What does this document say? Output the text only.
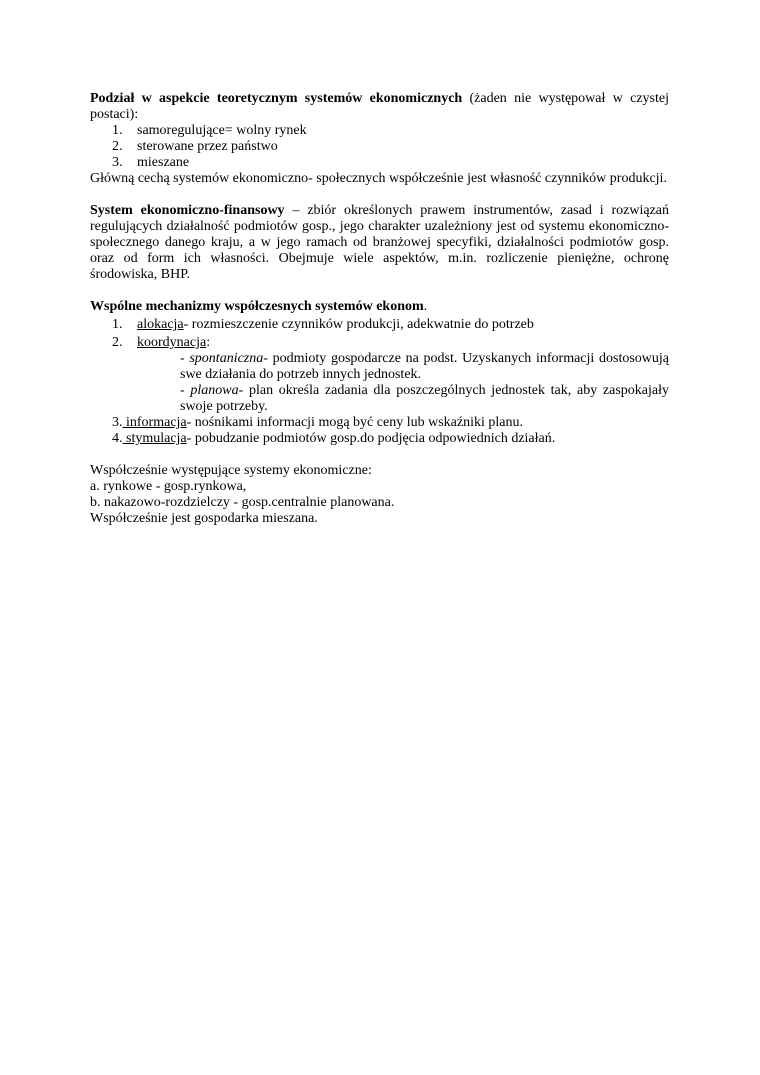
Podział w aspekcie teoretycznym systemów ekonomicznych (żaden nie występował w czystej postaci):

1. samoregulujące= wolny rynek
2. sterowane przez państwo
3. mieszane

Główną cechą systemów ekonomiczno- społecznych współcześnie jest własność czynników produkcji.

System ekonomiczno-finansowy – zbiór określonych prawem instrumentów, zasad i rozwiązań regulujących działalność podmiotów gosp., jego charakter uzależniony jest od systemu ekonomiczno-społecznego danego kraju, a w jego ramach od branżowej specyfiki, działalności podmiotów gosp. oraz od form ich własności. Obejmuje wiele aspektów, m.in. rozliczenie pieniężne, ochronę środowiska, BHP.

Wspólne mechanizmy współczesnych systemów ekonom.

1. alokacja- rozmieszczenie czynników produkcji, adekwatnie do potrzeb
2. koordynacja:

- spontaniczna- podmioty gospodarcze na podst. Uzyskanych informacji dostosowują swe działania do potrzeb innych jednostek.

- planowa- plan określa zadania dla poszczególnych jednostek tak, aby zaspokajały swoje potrzeby.

3. informacja- nośnikami informacji mogą być ceny lub wskaźniki planu.

4. stymulacja- pobudzanie podmiotów gosp.do podjęcia odpowiednich działań.

Współcześnie występujące systemy ekonomiczne:

a. rynkowe - gosp.rynkowa,

b. nakazowo-rozdzielczy - gosp.centralnie planowana.

Współcześnie jest gospodarka mieszana.
